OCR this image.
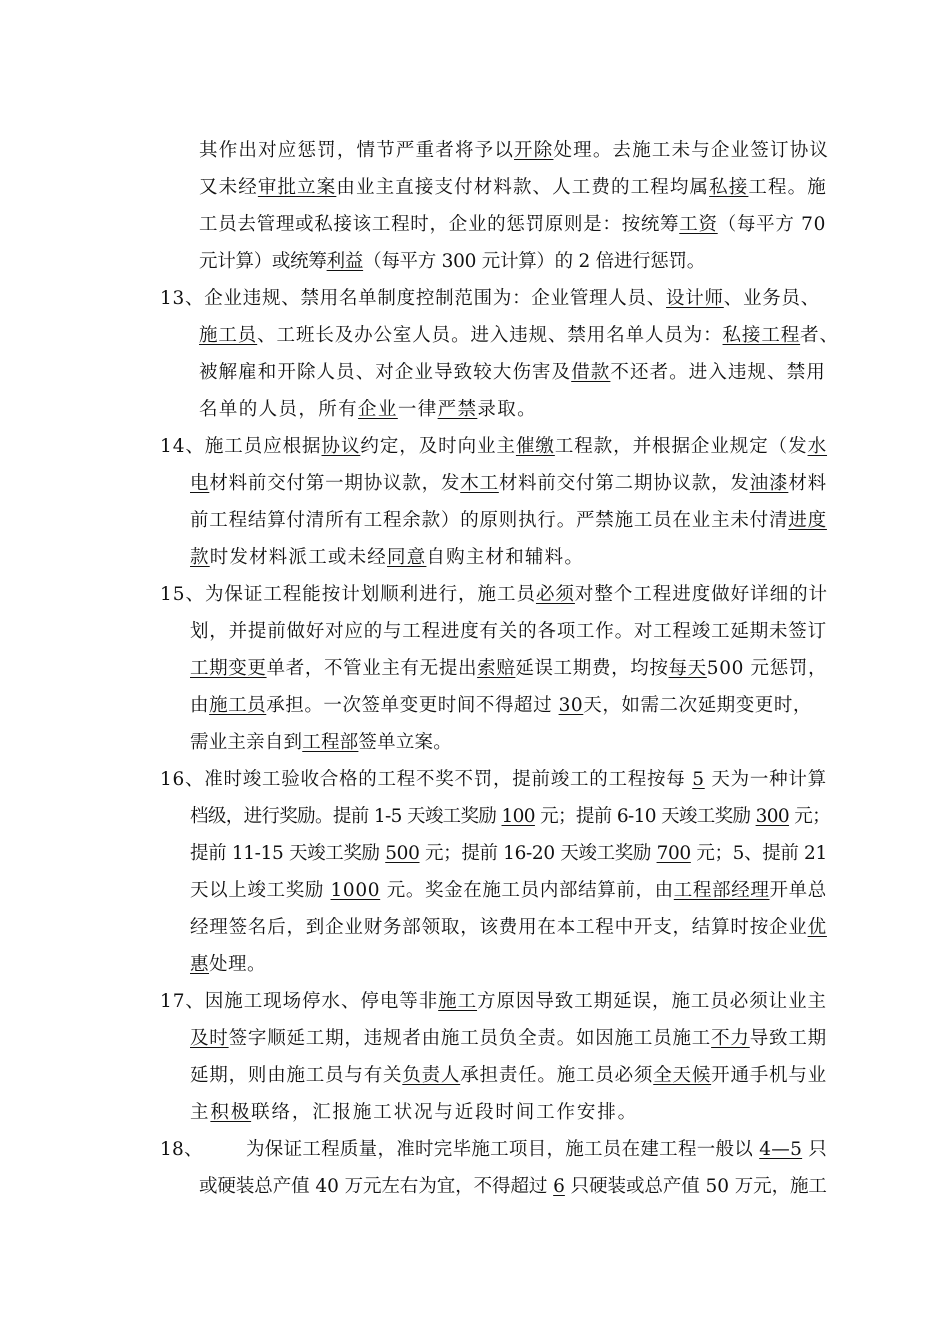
其作出对应惩罚，情节严重者将予以开除处理。去施工未与企业签订协议
又未经审批立案由业主直接支付材料款、人工费的工程均属私接工程。施
工员去管理或私接该工程时，企业的惩罚原则是：按统筹工资（每平方 70
元计算）或统筹利益（每平方 300 元计算）的 2 倍进行惩罚。
13、企业违规、禁用名单制度控制范围为：企业管理人员、设计师、业务员、
施工员、工班长及办公室人员。进入违规、禁用名单人员为：私接工程者、
被解雇和开除人员、对企业导致较大伤害及借款不还者。进入违规、禁用
名单的人员，所有企业一律严禁录取。
14、施工员应根据协议约定，及时向业主催缴工程款，并根据企业规定（发水
电材料前交付第一期协议款，发木工材料前交付第二期协议款，发油漆材料
前工程结算付清所有工程余款）的原则执行。严禁施工员在业主未付清进度
款时发材料派工或未经同意自购主材和辅料。
15、为保证工程能按计划顺利进行，施工员必须对整个工程进度做好详细的计
划，并提前做好对应的与工程进度有关的各项工作。对工程竣工延期未签订
工期变更单者，不管业主有无提出索赔延误工期费，均按每天500 元惩罚，
由施工员承担。一次签单变更时间不得超过 30天，如需二次延期变更时，
需业主亲自到工程部签单立案。
16、准时竣工验收合格的工程不奖不罚，提前竣工的工程按每 5 天为一种计算
档级，进行奖励。提前 1-5 天竣工奖励 100 元；提前 6-10 天竣工奖励 300 元；
提前 11-15 天竣工奖励 500 元；提前 16-20 天竣工奖励 700 元；5、提前 21
天以上竣工奖励 1000 元。奖金在施工员内部结算前，由工程部经理开单总
经理签名后，到企业财务部领取，该费用在本工程中开支，结算时按企业优
惠处理。
17、因施工现场停水、停电等非施工方原因导致工期延误，施工员必须让业主
及时签字顺延工期，违规者由施工员负全责。如因施工员施工不力导致工期
延期，则由施工员与有关负责人承担责任。施工员必须全天候开通手机与业
主积极联络，汇报施工状况与近段时间工作安排。
18、       为保证工程质量，准时完毕施工项目，施工员在建工程一般以 4—5 只
或硬装总产值 40 万元左右为宜，不得超过 6 只硬装或总产值 50 万元，施工
